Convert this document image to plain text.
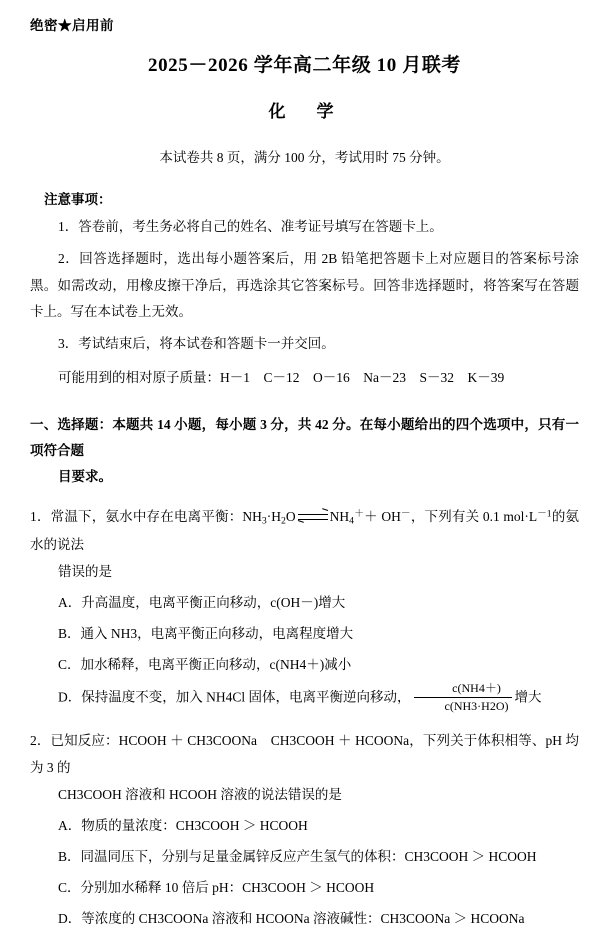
绝密★启用前
2025－2026 学年高二年级 10 月联考
化　学
本试卷共 8 页，满分 100 分，考试用时 75 分钟。
注意事项：
1．答卷前，考生务必将自己的姓名、准考证号填写在答题卡上。
2．回答选择题时，选出每小题答案后，用 2B 铅笔把答题卡上对应题目的答案标号涂黑。如需改动，用橡皮擦干净后，再选涂其它答案标号。回答非选择题时，将答案写在答题卡上。写在本试卷上无效。
3．考试结束后，将本试卷和答题卡一并交回。
可能用到的相对原子质量：H－1　C－12　O－16　Na－23　S－32　K－39
一、选择题：本题共 14 小题，每小题 3 分，共 42 分。在每小题给出的四个选项中，只有一项符合题
目要求。
1．常温下，氨水中存在电离平衡：$NH_3\cdot H_2O$ ⇌ $NH_4^++ OH^-$，下列有关 0.1 $mol\cdot L^{-1}$的氨水的说法
错误的是
A．升高温度，电离平衡正向移动，c(OH－)增大
B．通入 NH3，电离平衡正向移动，电离程度增大
C．加水稀释，电离平衡正向移动，c(NH4＋)减小
D．保持温度不变，加入 NH4Cl 固体，电离平衡逆向移动， $\frac{c(NH4+)}{c(NH3\cdot H2O)}$ 增大
2．已知反应：HCOOH ＋ CH3COONa　CH3COOH ＋ HCOONa，下列关于体积相等、pH 均为 3 的
CH3COOH 溶液和 HCOOH 溶液的说法错误的是
A．物质的量浓度：CH3COOH ＞ HCOOH
B．同温同压下，分别与足量金属锌反应产生氢气的体积：CH3COOH ＞ HCOOH
C．分别加水稀释 10 倍后 pH：CH3COOH ＞ HCOOH
D．等浓度的 CH3COONa 溶液和 HCOONa 溶液碱性：CH3COONa ＞ HCOONa
